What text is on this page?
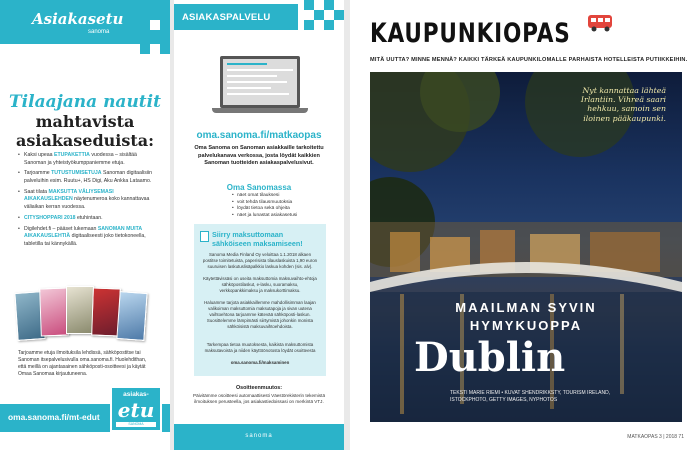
Asiakasetu
sanoma
Tilaajana nautit
mahtavista
asiakaseduista:
• Kaksi upeaa ETUPAKETTIA vuodessa – sisältää Sanoman ja yhteistyökumppaniemme etuja.
• Tarjoamme TUTUSTUMISETUJA Sanoman digitaalisiin palveluihin esim. Ruutu+, HS Digi, Aku Ankka Lataamo.
• Saat tilata MAKSUTTA VÄLIYSEMASI AIKAKAUSLEHDEN näytenumeroa koko kannattavaa väliaikan kerran vuodessa.
• CITYSHOPPARI 2018 etuhintaan.
• Digilehdet.fi – pääset lukemaan SANOMAN MUITA AIKAKAUSLEHTIÄ digitaaliseesti joko tietokoneella, tabletilla tai kännykällä.
Tarjoamme etuja ilmoituksila lehdissä, sähköpostitse tai Sanoman itsepalvelusivulla oma.sanoma.fi. Huolehdithan, että meillä on ajantasainen sähköposti-osoitteesi ja käytät Omaa Sanomaa kirjautuneena.
oma.sanoma.fi/mt-edut
asiakas-
etu
SANOMA
ASIAKASPALVELU
oma.sanoma.fi/matkaopas
Oma Sanoma on Sanoman asiakkaille tarkoitettu palvelukanava verkossa, josta löydät kaikkien Sanoman tuotteiden asiakaspalvelusivut.
Oma Sanomassa
• näet omat tilauksesi
• voit tehdä tilausmuutoksia
• löydät tietoa sekä ohjeita
• näet ja lunastat asiakasetusi
Siirry maksuttomaan sähköiseen maksamiseen!
Sanoma Media Finland Oy veloittaa 1.1.2018 alkaen postitse toimitetuista, paperisista tilauslaskuista 1,90 euron suuruisen laskutuslisäpalkkio laskua kohden (sis. alv).
Käytettävissäsi on useita maksuttomia maksuvaihto-ehtoja sähköpostilaskut, e-lasku, suoramaksu, verkkopankkimaksu ja maksukorttimaksu.
Haluamme tarjota asiakkaillemme mahdollisimman laajan valikoiman maksuttomia maksutapoja ja sivan uutena vaihtoehtona tarjoamme kätevää sähköposti-laskun. Suosittelemme lämpimästi siirtymistä johonkin monista sähköisistä maksuvaihtoehdoista.
Tarkempaa tietoa muutoksesta, kaikista maksuttomista maksutavoista ja niiden käyttöönotosta löydät osoitteesta
oma.sanoma.fi/maksaminen
Osoitteenmuutos:
Päivitämme osoitteesi automaattisesti Väestörekisterin tekemistä ilmoituksen perusteella, jos asiakastiedoissasi on merkintä VTJ.
sanoma
KAUPUNKIOPAS
MITÄ UUTTA? MINNE MENNÄ? KAIKKI TÄRKEÄ KAUPUNKILOMALLE PARHAISTA HOTELLEISTA PUTIIKKEIHIN.
Nyt kannattaa lähteä Irlantiin. Vihreä saari hehkuu, samoin sen iloinen pääkaupunki.
MAAILMAN SYVIN
HYMYKUOPPA
Dublin
TEKSTI MARIE RIEMI • KUVAT SHENDRIKKSTY, TOURISM IRELAND, ISTOCKPHOTO, GETTY IMAGES, NYPHOTOS
MATKAOPAS 3 | 2018 71
